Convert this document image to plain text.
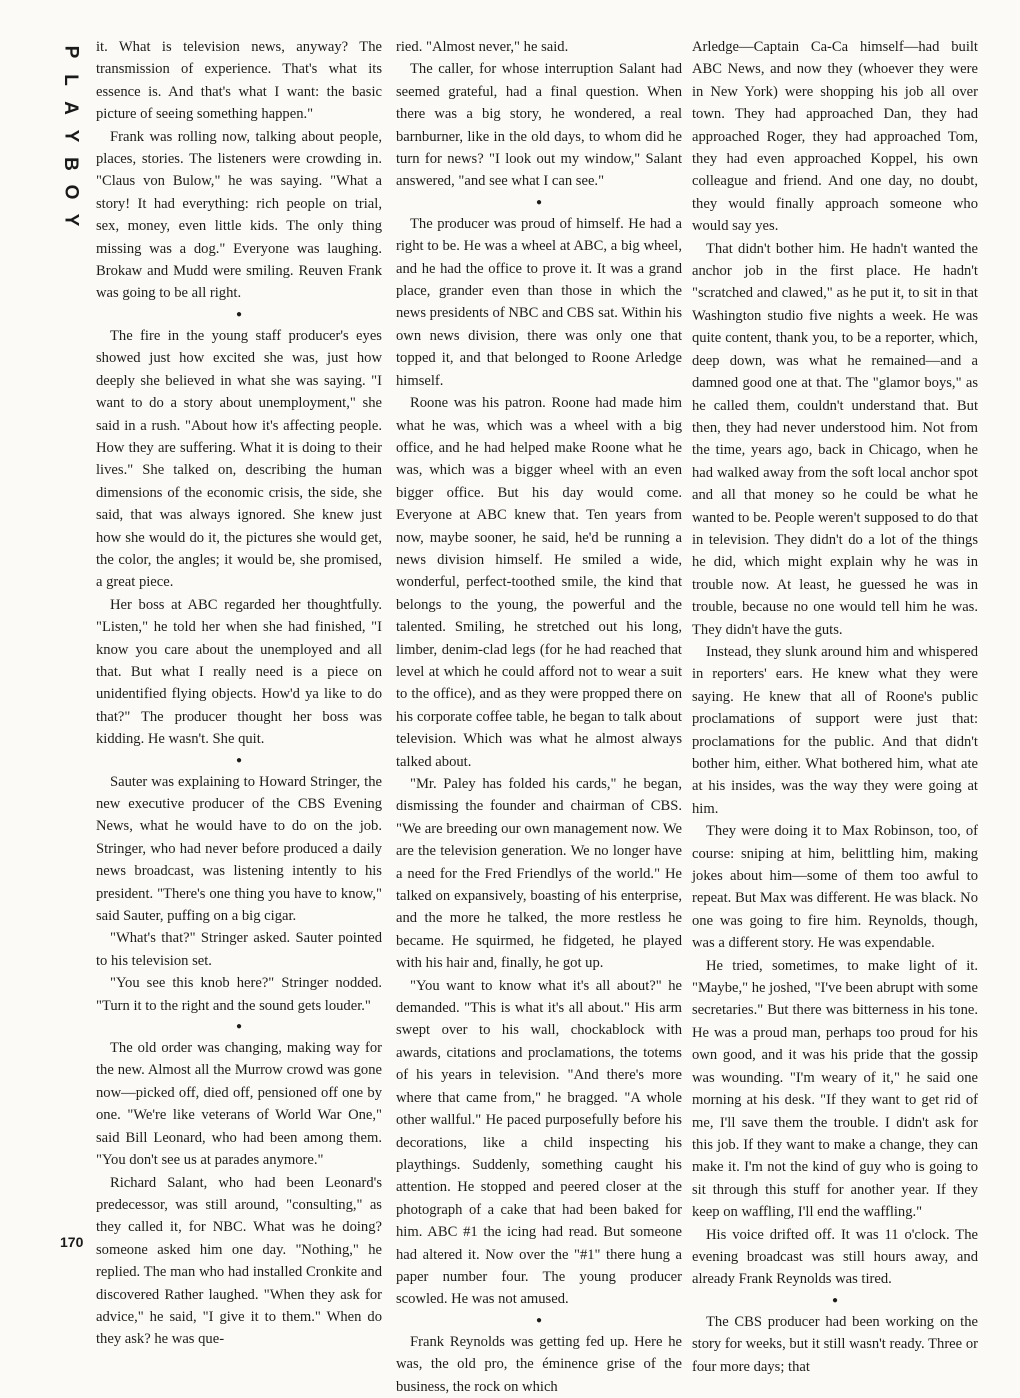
P
L
A
Y
B
O
Y
170

it. What is television news, anyway? The transmission of experience. That's what its essence is. And that's what I want: the basic picture of seeing something happen."

Frank was rolling now, talking about people, places, stories. The listeners were crowding in. "Claus von Bulow," he was saying. "What a story! It had everything: rich people on trial, sex, money, even little kids. The only thing missing was a dog." Everyone was laughing. Brokaw and Mudd were smiling. Reuven Frank was going to be all right.

●

The fire in the young staff producer's eyes showed just how excited she was, just how deeply she believed in what she was saying. "I want to do a story about unemployment," she said in a rush. "About how it's affecting people. How they are suffering. What it is doing to their lives." She talked on, describing the human dimensions of the economic crisis, the side, she said, that was always ignored. She knew just how she would do it, the pictures she would get, the color, the angles; it would be, she promised, a great piece.

Her boss at ABC regarded her thoughtfully. "Listen," he told her when she had finished, "I know you care about the unemployed and all that. But what I really need is a piece on unidentified flying objects. How'd ya like to do that?" The producer thought her boss was kidding. He wasn't. She quit.

●

Sauter was explaining to Howard Stringer, the new executive producer of the CBS Evening News, what he would have to do on the job. Stringer, who had never before produced a daily news broadcast, was listening intently to his president. "There's one thing you have to know," said Sauter, puffing on a big cigar.

"What's that?" Stringer asked. Sauter pointed to his television set.

"You see this knob here?" Stringer nodded. "Turn it to the right and the sound gets louder."

●

The old order was changing, making way for the new. Almost all the Murrow crowd was gone now—picked off, died off, pensioned off one by one. "We're like veterans of World War One," said Bill Leonard, who had been among them. "You don't see us at parades anymore."

Richard Salant, who had been Leonard's predecessor, was still around, "consulting," as they called it, for NBC. What was he doing? someone asked him one day. "Nothing," he replied. The man who had installed Cronkite and discovered Rather laughed. "When they ask for advice," he said, "I give it to them." When do they ask? he was que-

ried. "Almost never," he said.

The caller, for whose interruption Salant had seemed grateful, had a final question. When there was a big story, he wondered, a real barnburner, like in the old days, to whom did he turn for news? "I look out my window," Salant answered, "and see what I can see."

●

The producer was proud of himself. He had a right to be. He was a wheel at ABC, a big wheel, and he had the office to prove it. It was a grand place, grander even than those in which the news presidents of NBC and CBS sat. Within his own news division, there was only one that topped it, and that belonged to Roone Arledge himself.

Roone was his patron. Roone had made him what he was, which was a wheel with a big office, and he had helped make Roone what he was, which was a bigger wheel with an even bigger office. But his day would come. Everyone at ABC knew that. Ten years from now, maybe sooner, he said, he'd be running a news division himself. He smiled a wide, wonderful, perfect-toothed smile, the kind that belongs to the young, the powerful and the talented. Smiling, he stretched out his long, limber, denim-clad legs (for he had reached that level at which he could afford not to wear a suit to the office), and as they were propped there on his corporate coffee table, he began to talk about television. Which was what he almost always talked about.

"Mr. Paley has folded his cards," he began, dismissing the founder and chairman of CBS. "We are breeding our own management now. We are the television generation. We no longer have a need for the Fred Friendlys of the world." He talked on expansively, boasting of his enterprise, and the more he talked, the more restless he became. He squirmed, he fidgeted, he played with his hair and, finally, he got up.

"You want to know what it's all about?" he demanded. "This is what it's all about." His arm swept over to his wall, chockablock with awards, citations and proclamations, the totems of his years in television. "And there's more where that came from," he bragged. "A whole other wallful." He paced purposefully before his decorations, like a child inspecting his playthings. Suddenly, something caught his attention. He stopped and peered closer at the photograph of a cake that had been baked for him. ABC #1 the icing had read. But someone had altered it. Now over the "#1" there hung a paper number four. The young producer scowled. He was not amused.

●

Frank Reynolds was getting fed up. Here he was, the old pro, the éminence grise of the business, the rock on which

Arledge—Captain Ca-Ca himself—had built ABC News, and now they (whoever they were in New York) were shopping his job all over town. They had approached Dan, they had approached Roger, they had approached Tom, they had even approached Koppel, his own colleague and friend. And one day, no doubt, they would finally approach someone who would say yes.

That didn't bother him. He hadn't wanted the anchor job in the first place. He hadn't "scratched and clawed," as he put it, to sit in that Washington studio five nights a week. He was quite content, thank you, to be a reporter, which, deep down, was what he remained—and a damned good one at that. The "glamor boys," as he called them, couldn't understand that. But then, they had never understood him. Not from the time, years ago, back in Chicago, when he had walked away from the soft local anchor spot and all that money so he could be what he wanted to be. People weren't supposed to do that in television. They didn't do a lot of the things he did, which might explain why he was in trouble now. At least, he guessed he was in trouble, because no one would tell him he was. They didn't have the guts.

Instead, they slunk around him and whispered in reporters' ears. He knew what they were saying. He knew that all of Roone's public proclamations of support were just that: proclamations for the public. And that didn't bother him, either. What bothered him, what ate at his insides, was the way they were going at him.

They were doing it to Max Robinson, too, of course: sniping at him, belittling him, making jokes about him—some of them too awful to repeat. But Max was different. He was black. No one was going to fire him. Reynolds, though, was a different story. He was expendable.

He tried, sometimes, to make light of it. "Maybe," he joshed, "I've been abrupt with some secretaries." But there was bitterness in his tone. He was a proud man, perhaps too proud for his own good, and it was his pride that the gossip was wounding. "I'm weary of it," he said one morning at his desk. "If they want to get rid of me, I'll save them the trouble. I didn't ask for this job. If they want to make a change, they can make it. I'm not the kind of guy who is going to sit through this stuff for another year. If they keep on waffling, I'll end the waffling."

His voice drifted off. It was 11 o'clock. The evening broadcast was still hours away, and already Frank Reynolds was tired.

●

The CBS producer had been working on the story for weeks, but it still wasn't ready. Three or four more days; that
